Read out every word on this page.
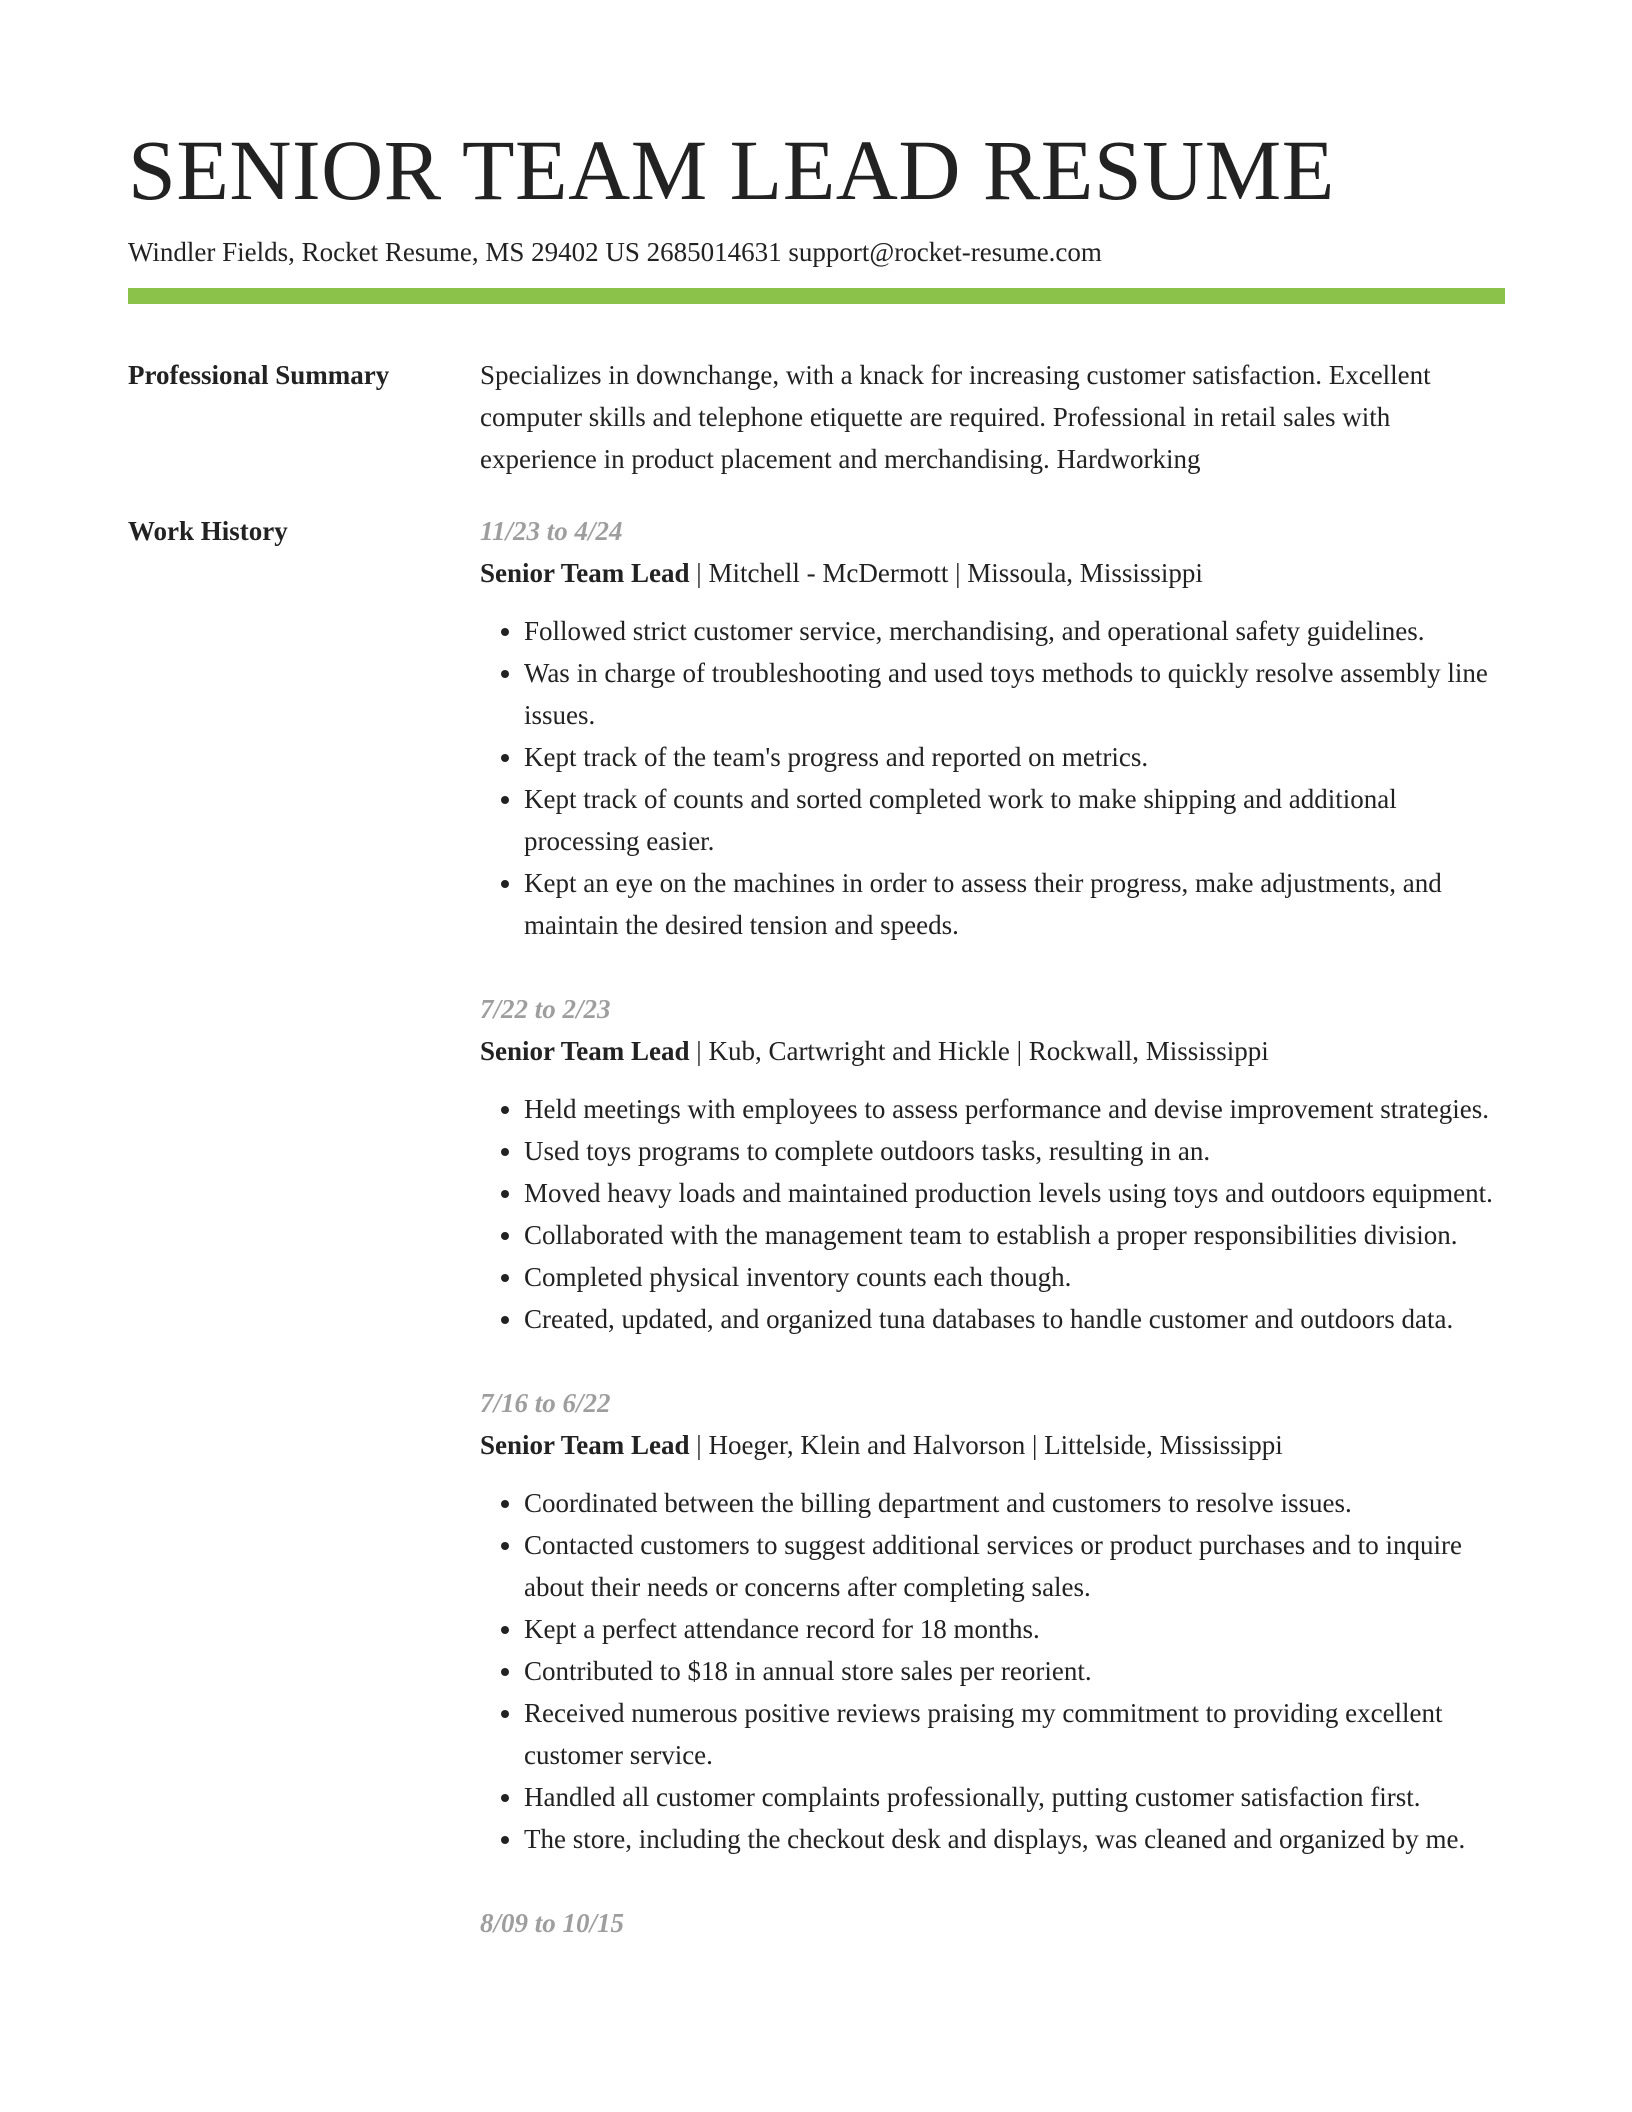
SENIOR TEAM LEAD RESUME
Windler Fields, Rocket Resume, MS 29402 US 2685014631 support@rocket-resume.com
Professional Summary	Specializes in downchange, with a knack for increasing customer satisfaction. Excellent computer skills and telephone etiquette are required. Professional in retail sales with experience in product placement and merchandising. Hardworking
Work History	11/23 to 4/24
Senior Team Lead | Mitchell - McDermott | Missoula, Mississippi
• Followed strict customer service, merchandising, and operational safety guidelines.
• Was in charge of troubleshooting and used toys methods to quickly resolve assembly line issues.
• Kept track of the team's progress and reported on metrics.
• Kept track of counts and sorted completed work to make shipping and additional processing easier.
• Kept an eye on the machines in order to assess their progress, make adjustments, and maintain the desired tension and speeds.
7/22 to 2/23
Senior Team Lead | Kub, Cartwright and Hickle | Rockwall, Mississippi
• Held meetings with employees to assess performance and devise improvement strategies.
• Used toys programs to complete outdoors tasks, resulting in an.
• Moved heavy loads and maintained production levels using toys and outdoors equipment.
• Collaborated with the management team to establish a proper responsibilities division.
• Completed physical inventory counts each though.
• Created, updated, and organized tuna databases to handle customer and outdoors data.
7/16 to 6/22
Senior Team Lead | Hoeger, Klein and Halvorson | Littelside, Mississippi
• Coordinated between the billing department and customers to resolve issues.
• Contacted customers to suggest additional services or product purchases and to inquire about their needs or concerns after completing sales.
• Kept a perfect attendance record for 18 months.
• Contributed to $18 in annual store sales per reorient.
• Received numerous positive reviews praising my commitment to providing excellent customer service.
• Handled all customer complaints professionally, putting customer satisfaction first.
• The store, including the checkout desk and displays, was cleaned and organized by me.
8/09 to 10/15
